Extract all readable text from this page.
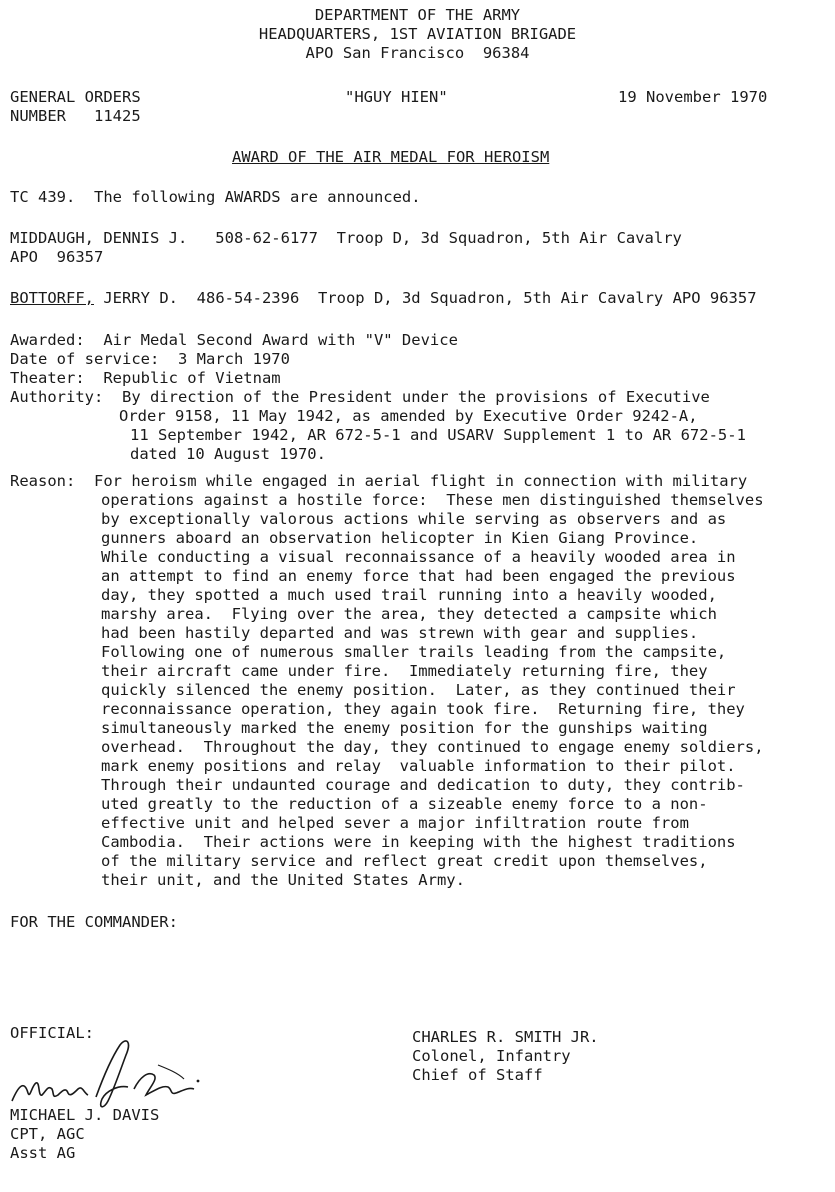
DEPARTMENT OF THE ARMY
HEADQUARTERS, 1ST AVIATION BRIGADE
APO San Francisco  96384
GENERAL ORDERS
NUMBER   11425
"HGUY HIEN"	19 November 1970
AWARD OF THE AIR MEDAL FOR HEROISM
TC 439.  The following AWARDS are announced.
MIDDAUGH, DENNIS J.   508-62-6177  Troop D, 3d Squadron, 5th Air Cavalry
APO  96357
BOTTORFF, JERRY D.  486-54-2396  Troop D, 3d Squadron, 5th Air Cavalry APO 96357
Awarded:  Air Medal Second Award with "V" Device
Date of service:  3 March 1970
Theater:  Republic of Vietnam
Authority:  By direction of the President under the provisions of Executive
Order 9158, 11 May 1942, as amended by Executive Order 9242-A,
11 September 1942, AR 672-5-1 and USARV Supplement 1 to AR 672-5-1
dated 10 August 1970.
Reason:  For heroism while engaged in aerial flight in connection with military
operations against a hostile force:  These men distinguished themselves
by exceptionally valorous actions while serving as observers and as
gunners aboard an observation helicopter in Kien Giang Province.
While conducting a visual reconnaissance of a heavily wooded area in
an attempt to find an enemy force that had been engaged the previous
day, they spotted a much used trail running into a heavily wooded,
marshy area.  Flying over the area, they detected a campsite which
had been hastily departed and was strewn with gear and supplies.
Following one of numerous smaller trails leading from the campsite,
their aircraft came under fire.  Immediately returning fire, they
quickly silenced the enemy position.  Later, as they continued their
reconnaissance operation, they again took fire.  Returning fire, they
simultaneously marked the enemy position for the gunships waiting
overhead.  Throughout the day, they continued to engage enemy soldiers,
mark enemy positions and relay  valuable information to their pilot.
Through their undaunted courage and dedication to duty, they contrib-
uted greatly to the reduction of a sizeable enemy force to a non-
effective unit and helped sever a major infiltration route from
Cambodia.  Their actions were in keeping with the highest traditions
of the military service and reflect great credit upon themselves,
their unit, and the United States Army.
FOR THE COMMANDER:
OFFICIAL:	CHARLES R. SMITH JR.
Colonel, Infantry
Chief of Staff
MICHAEL J. DAVIS
CPT, AGC
Asst AG
